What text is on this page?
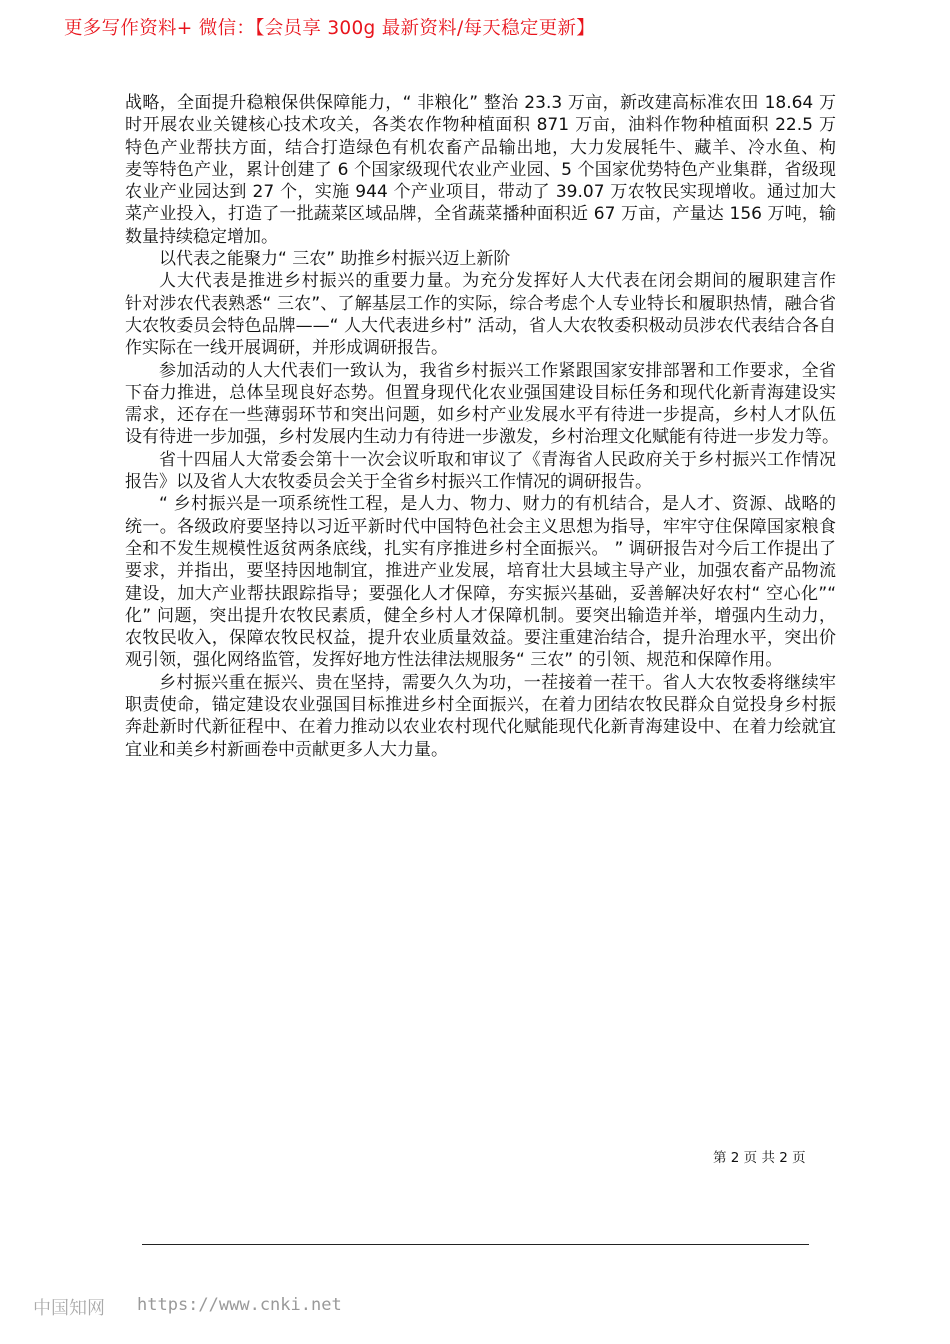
更多写作资料+ 微信：【会员享 300g 最新资料/每天稳定更新】
战略，全面提升稳粮保供保障能力，“ 非粮化” 整治 23.3 万亩，新改建高标准农田 18.64 万
时开展农业关键核心技术攻关，各类农作物种植面积 871 万亩，油料作物种植面积 22.5 万
特色产业帮扶方面，结合打造绿色有机农畜产品输出地，大力发展牦牛、藏羊、冷水鱼、枸
麦等特色产业，累计创建了 6 个国家级现代农业产业园、5 个国家优势特色产业集群，省级现
农业产业园达到 27 个，实施 944 个产业项目，带动了 39.07 万农牧民实现增收。通过加大
菜产业投入，打造了一批蔬菜区域品牌，全省蔬菜播种面积近 67 万亩，产量达 156 万吨，输
数量持续稳定增加。
以代表之能聚力“ 三农” 助推乡村振兴迈上新阶
人大代表是推进乡村振兴的重要力量。为充分发挥好人大代表在闭会期间的履职建言作
针对涉农代表熟悉“ 三农”、了解基层工作的实际，综合考虑个人专业特长和履职热情，融合省
大农牧委员会特色品牌——“ 人大代表进乡村” 活动，省人大农牧委积极动员涉农代表结合各自
作实际在一线开展调研，并形成调研报告。
参加活动的人大代表们一致认为，我省乡村振兴工作紧跟国家安排部署和工作要求，全省
下奋力推进，总体呈现良好态势。但置身现代化农业强国建设目标任务和现代化新青海建设实
需求，还存在一些薄弱环节和突出问题，如乡村产业发展水平有待进一步提高，乡村人才队伍
设有待进一步加强，乡村发展内生动力有待进一步激发，乡村治理文化赋能有待进一步发力等。
省十四届人大常委会第十一次会议听取和审议了《青海省人民政府关于乡村振兴工作情况
报告》以及省人大农牧委员会关于全省乡村振兴工作情况的调研报告。
“ 乡村振兴是一项系统性工程，是人力、物力、财力的有机结合，是人才、资源、战略的
统一。各级政府要坚持以习近平新时代中国特色社会主义思想为指导，牢牢守住保障国家粮食
全和不发生规模性返贫两条底线，扎实有序推进乡村全面振兴。 ” 调研报告对今后工作提出了
要求，并指出，要坚持因地制宜，推进产业发展，培育壮大县域主导产业，加强农畜产品物流
建设，加大产业帮扶跟踪指导；要强化人才保障，夯实振兴基础，妥善解决好农村“ 空心化”“
化” 问题，突出提升农牧民素质，健全乡村人才保障机制。要突出输造并举，增强内生动力，
农牧民收入，保障农牧民权益，提升农业质量效益。要注重建治结合，提升治理水平，突出价
观引领，强化网络监管，发挥好地方性法律法规服务“ 三农” 的引领、规范和保障作用。
乡村振兴重在振兴、贵在坚持，需要久久为功，一茬接着一茬干。省人大农牧委将继续牢
职责使命，锚定建设农业强国目标推进乡村全面振兴，在着力团结农牧民群众自觉投身乡村振
奔赴新时代新征程中、在着力推动以农业农村现代化赋能现代化新青海建设中、在着力绘就宜
宜业和美乡村新画卷中贡献更多人大力量。
第 2 页 共 2 页
中国知网 https://www.cnki.net
